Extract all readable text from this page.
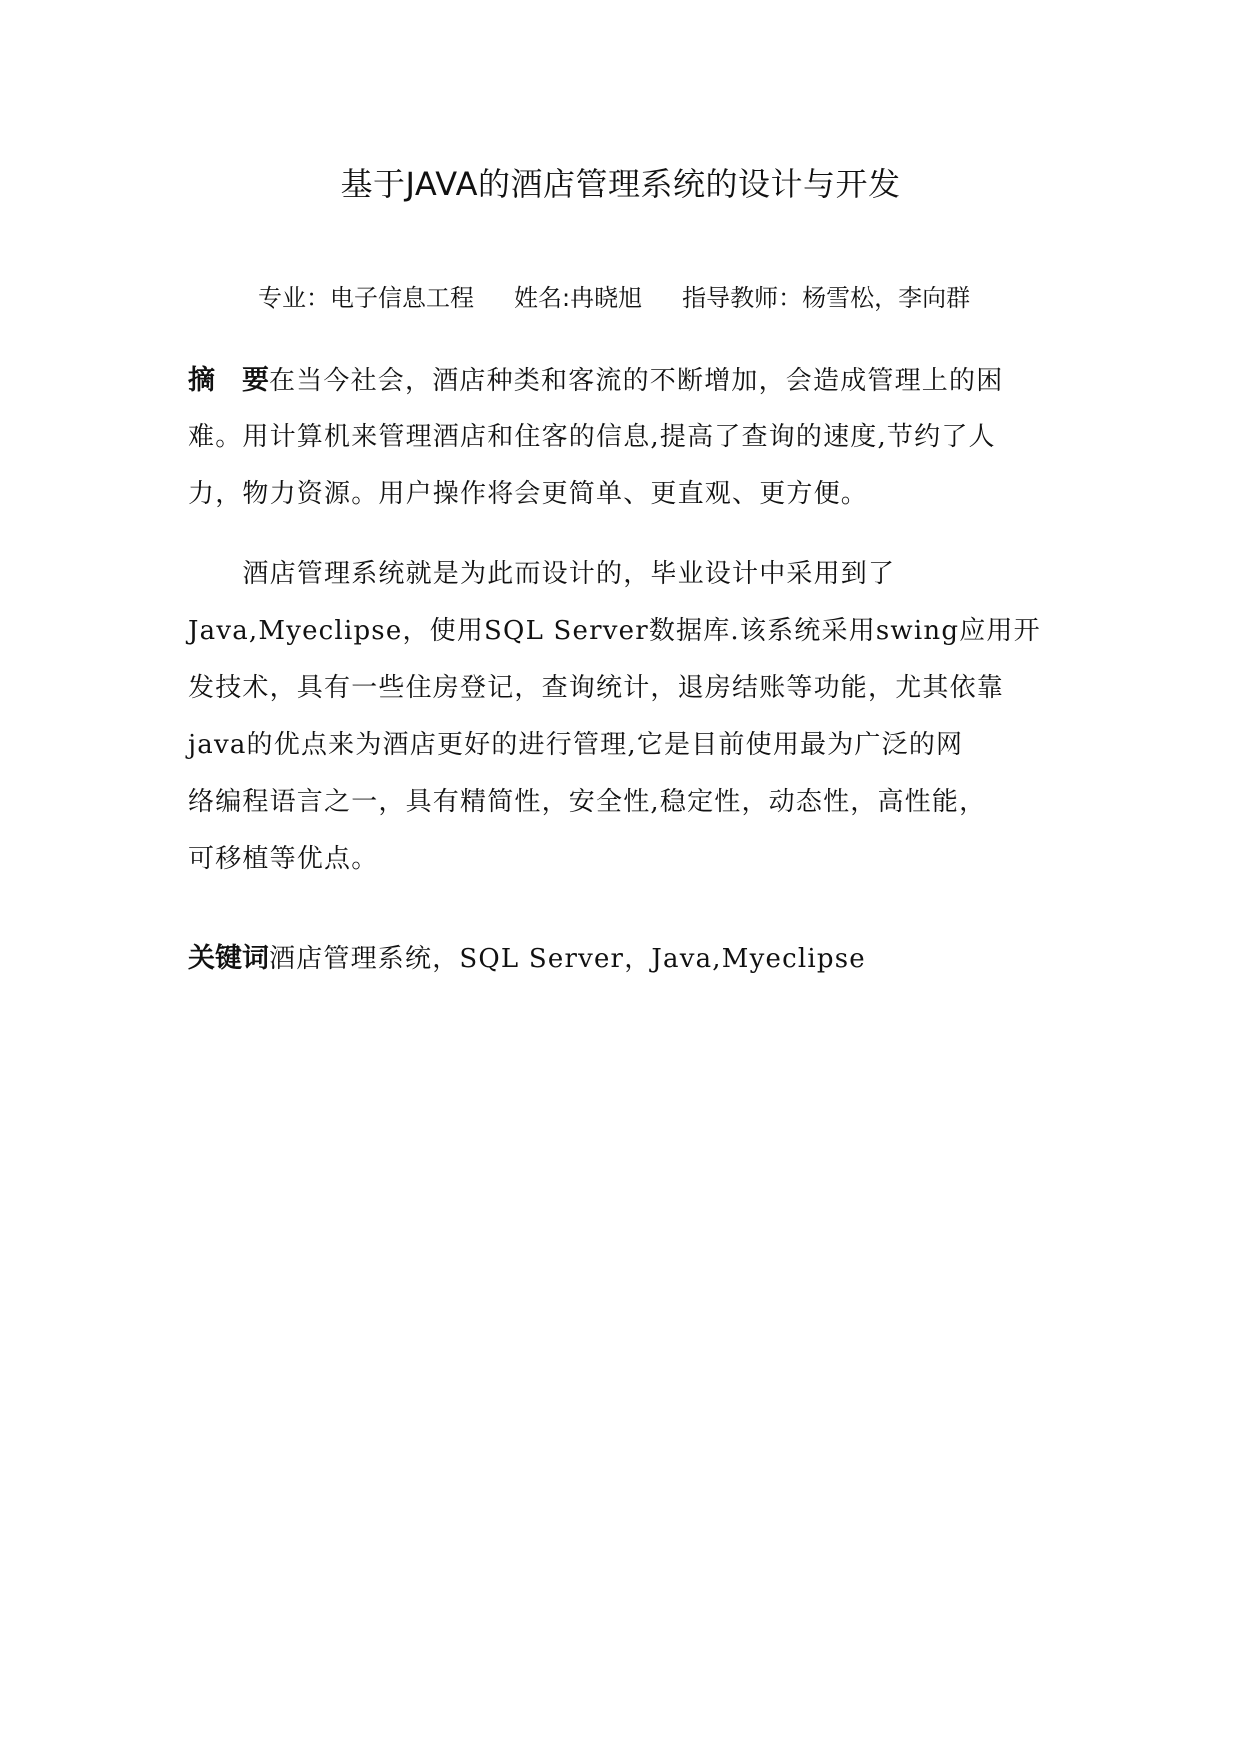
基于JAVA的酒店管理系统的设计与开发
专业：电子信息工程 姓名:冉晓旭 指导教师：杨雪松，李向群
摘　要在当今社会，酒店种类和客流的不断增加，会造成管理上的困
难。用计算机来管理酒店和住客的信息,提高了查询的速度,节约了人
力，物力资源。用户操作将会更简单、更直观、更方便。
　　酒店管理系统就是为此而设计的，毕业设计中采用到了
Java,Myeclipse，使用SQL Server数据库.该系统采用swing应用开
发技术，具有一些住房登记，查询统计，退房结账等功能，尤其依靠
java的优点来为酒店更好的进行管理,它是目前使用最为广泛的网
络编程语言之一，具有精简性，安全性,稳定性，动态性，高性能，
可移植等优点。
关键词酒店管理系统，SQL Server，Java,Myeclipse
